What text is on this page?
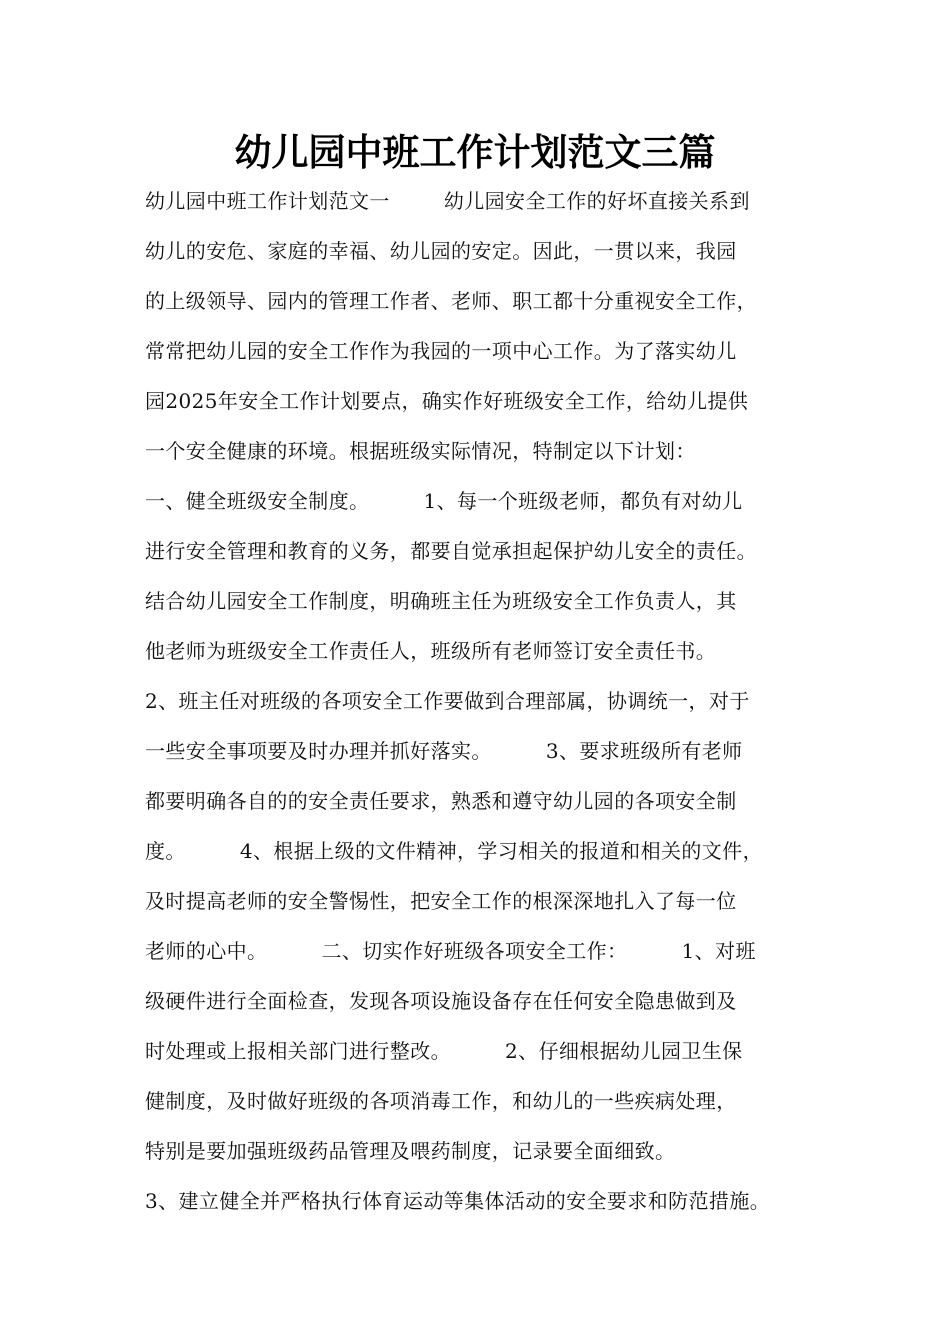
幼儿园中班工作计划范文三篇
幼儿园中班工作计划范文一        幼儿园安全工作的好坏直接关系到
幼儿的安危、家庭的幸福、幼儿园的安定。因此，一贯以来，我园
的上级领导、园内的管理工作者、老师、职工都十分重视安全工作，
常常把幼儿园的安全工作作为我园的一项中心工作。为了落实幼儿
园2025年安全工作计划要点，确实作好班级安全工作，给幼儿提供
一个安全健康的环境。根据班级实际情况，特制定以下计划：
一、健全班级安全制度。        1、每一个班级老师，都负有对幼儿
进行安全管理和教育的义务，都要自觉承担起保护幼儿安全的责任。
结合幼儿园安全工作制度，明确班主任为班级安全工作负责人，其
他老师为班级安全工作责任人，班级所有老师签订安全责任书。
2、班主任对班级的各项安全工作要做到合理部属，协调统一，对于
一些安全事项要及时办理并抓好落实。        3、要求班级所有老师
都要明确各自的的安全责任要求，熟悉和遵守幼儿园的各项安全制
度。        4、根据上级的文件精神，学习相关的报道和相关的文件，
及时提高老师的安全警惕性，把安全工作的根深深地扎入了每一位
老师的心中。        二、切实作好班级各项安全工作：        1、对班
级硬件进行全面检查，发现各项设施设备存在任何安全隐患做到及
时处理或上报相关部门进行整改。        2、仔细根据幼儿园卫生保
健制度，及时做好班级的各项消毒工作，和幼儿的一些疾病处理，
特别是要加强班级药品管理及喂药制度，记录要全面细致。
3、建立健全并严格执行体育运动等集体活动的安全要求和防范措施。
